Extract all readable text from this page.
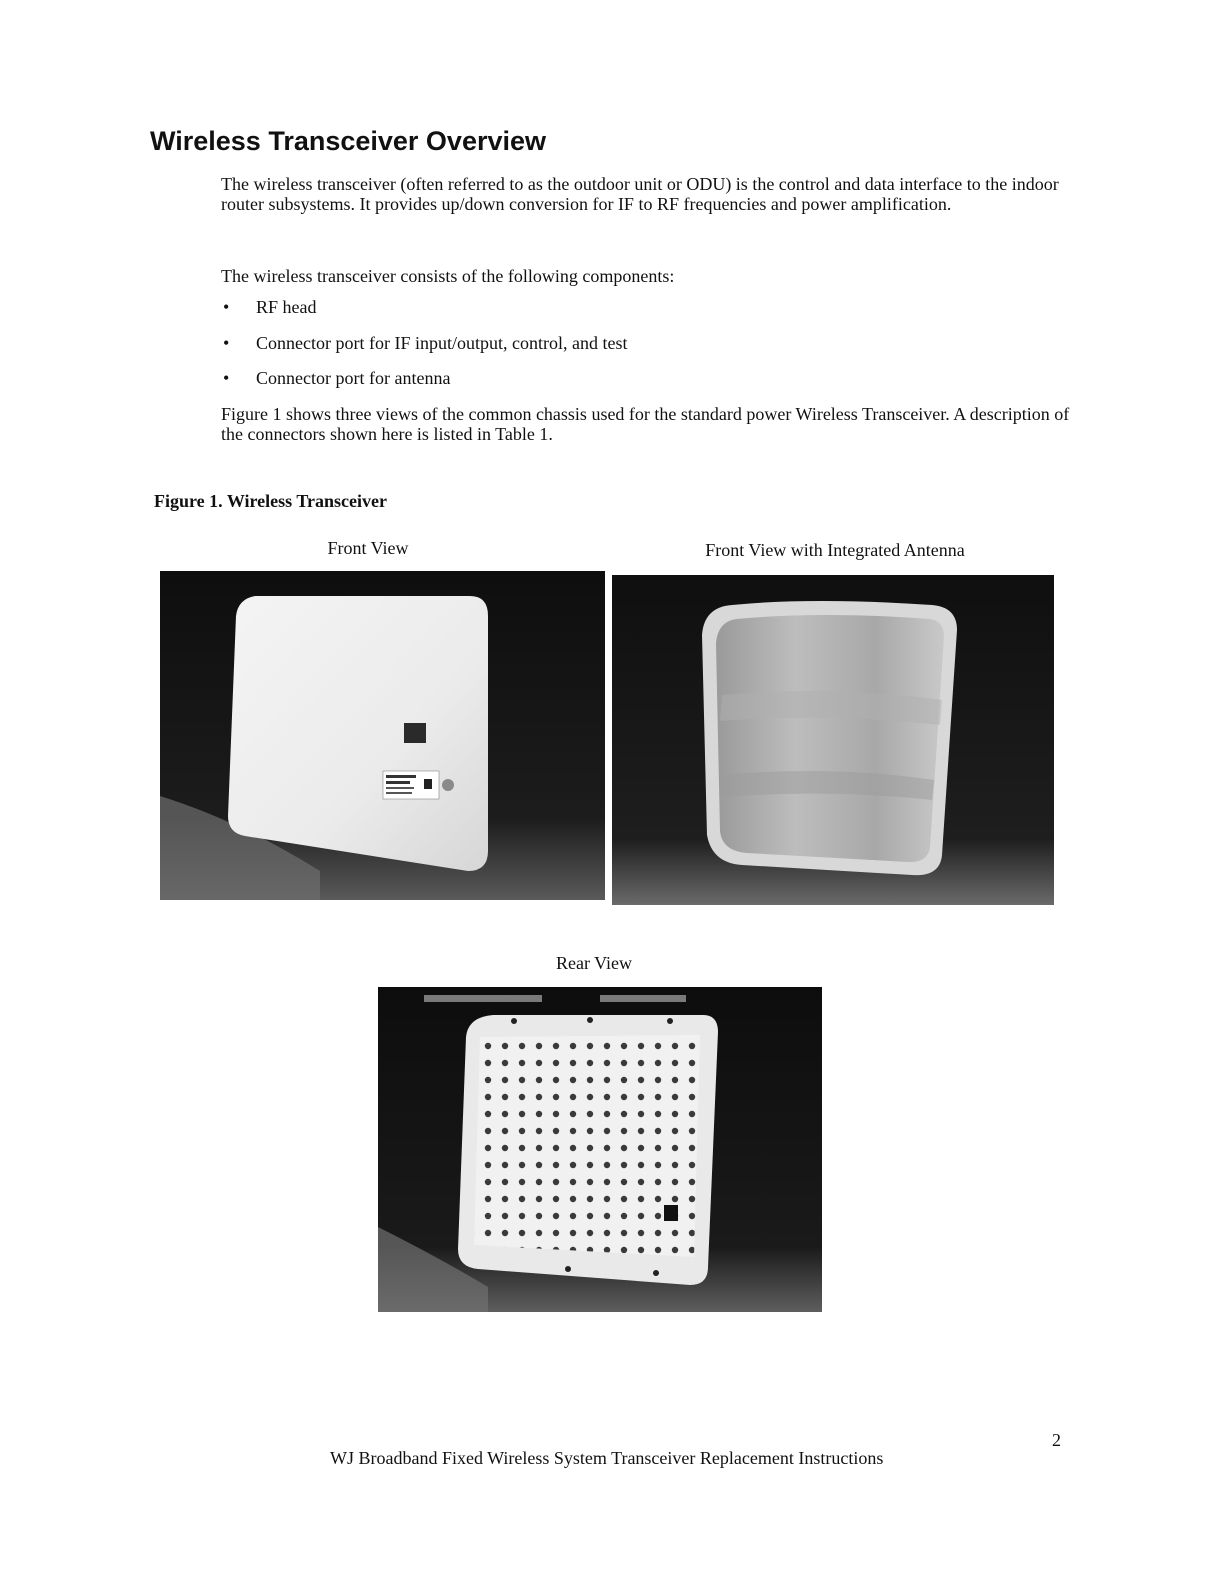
Wireless Transceiver Overview

The wireless transceiver (often referred to as the outdoor unit or ODU) is the control and data interface to the indoor router subsystems. It provides up/down conversion for IF to RF frequencies and power amplification.

The wireless transceiver consists of the following components:

• RF head
• Connector port for IF input/output, control, and test
• Connector port for antenna

Figure 1 shows three views of the common chassis used for the standard power Wireless Transceiver. A description of the connectors shown here is listed in Table 1.

Figure 1. Wireless Transceiver

Front View	Front View with Integrated Antenna

Rear View

2

WJ Broadband Fixed Wireless System Transceiver Replacement Instructions
